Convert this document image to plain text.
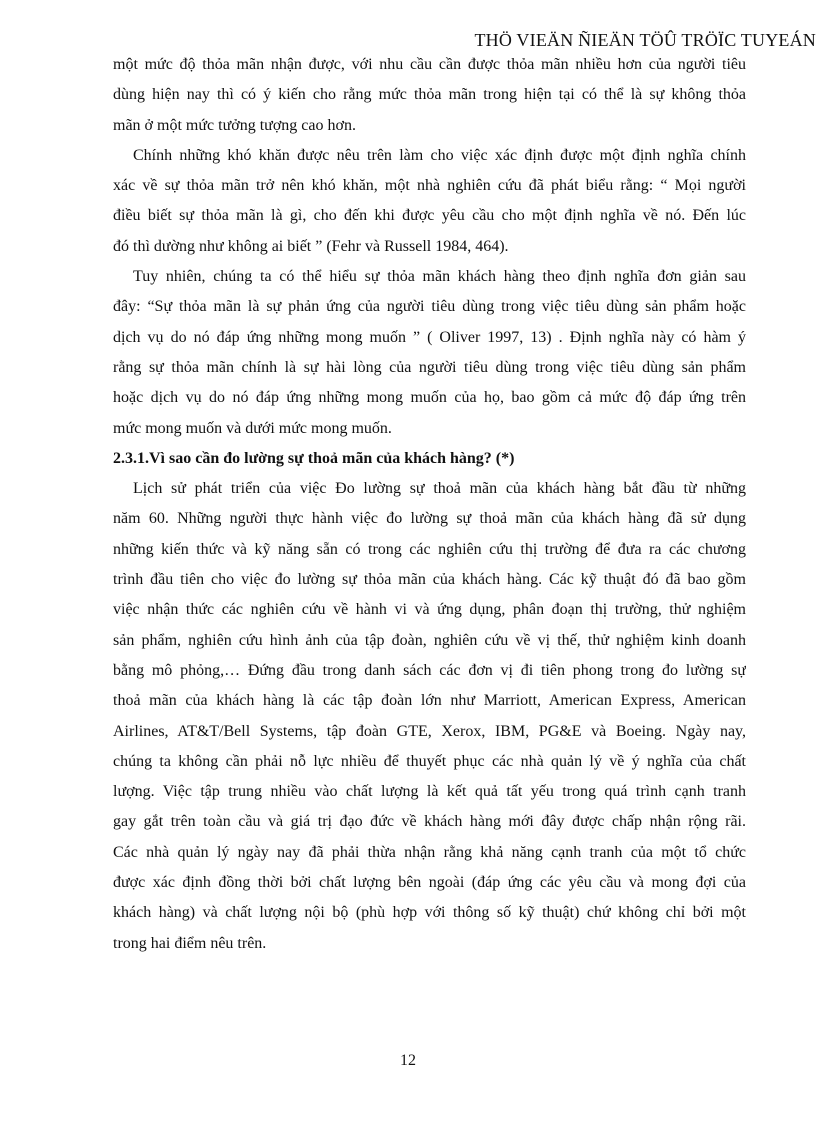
THÖ VIEÄN ÑIEÄN TÖÛ TRÖÏC TUYEÁN
một mức độ thỏa mãn nhận được, với nhu cầu cần được thỏa mãn nhiều hơn của người tiêu
dùng hiện nay thì có ý kiến cho rằng mức thỏa mãn trong hiện tại có thể là sự không thỏa
mãn ở một mức tưởng tượng cao hơn.
Chính những khó khăn được nêu trên làm cho việc xác định được một định nghĩa chính
xác về sự thỏa mãn trở nên khó khăn, một nhà nghiên cứu đã phát biểu rằng: “ Mọi người
điều biết sự thỏa mãn là gì, cho đến khi được yêu cầu cho một định nghĩa về nó. Đến lúc
đó thì dường như không ai biết ” (Fehr và Russell 1984, 464).
Tuy nhiên, chúng ta có thể hiểu sự thỏa mãn khách hàng theo định nghĩa đơn giản sau
đây: “Sự thỏa mãn là sự phản ứng của người tiêu dùng trong việc tiêu dùng sản phẩm hoặc
dịch vụ do nó đáp ứng những mong muốn ” ( Oliver 1997, 13) . Định nghĩa này có hàm ý
rằng sự thỏa mãn chính là sự hài lòng của người tiêu dùng trong việc tiêu dùng sản phẩm
hoặc dịch vụ do nó đáp ứng những mong muốn của họ, bao gồm cả mức độ đáp ứng trên
mức mong muốn và dưới mức mong muốn.
2.3.1.Vì sao cần đo lường sự thoả mãn của khách hàng? (*)
Lịch sử phát triển của việc Đo lường sự thoả mãn của khách hàng bắt đầu từ những
năm 60. Những người thực hành việc đo lường sự thoả mãn của khách hàng đã sử dụng
những kiến thức và kỹ năng sẵn có trong các nghiên cứu thị trường để đưa ra các chương
trình đầu tiên cho việc đo lường sự thỏa mãn của khách hàng. Các kỹ thuật đó đã bao gồm
việc nhận thức các nghiên cứu về hành vi và ứng dụng, phân đoạn thị trường, thử nghiệm
sản phẩm, nghiên cứu hình ảnh của tập đoàn, nghiên cứu về vị thế, thử nghiệm kinh doanh
bằng mô phỏng,… Đứng đầu trong danh sách các đơn vị đi tiên phong trong đo lường sự
thoả mãn của khách hàng là các tập đoàn lớn như Marriott, American Express, American
Airlines, AT&T/Bell Systems, tập đoàn GTE, Xerox, IBM, PG&E và Boeing. Ngày nay,
chúng ta không cần phải nỗ lực nhiều để thuyết phục các nhà quản lý về ý nghĩa của chất
lượng. Việc tập trung nhiều vào chất lượng là kết quả tất yếu trong quá trình cạnh tranh
gay gắt trên toàn cầu và giá trị đạo đức về khách hàng mới đây được chấp nhận rộng rãi.
Các nhà quản lý ngày nay đã phải thừa nhận rằng khả năng cạnh tranh của một tổ chức
được xác định đồng thời bởi chất lượng bên ngoài (đáp ứng các yêu cầu và mong đợi của
khách hàng) và chất lượng nội bộ (phù hợp với thông số kỹ thuật) chứ không chỉ bởi một
trong hai điểm nêu trên.
12
